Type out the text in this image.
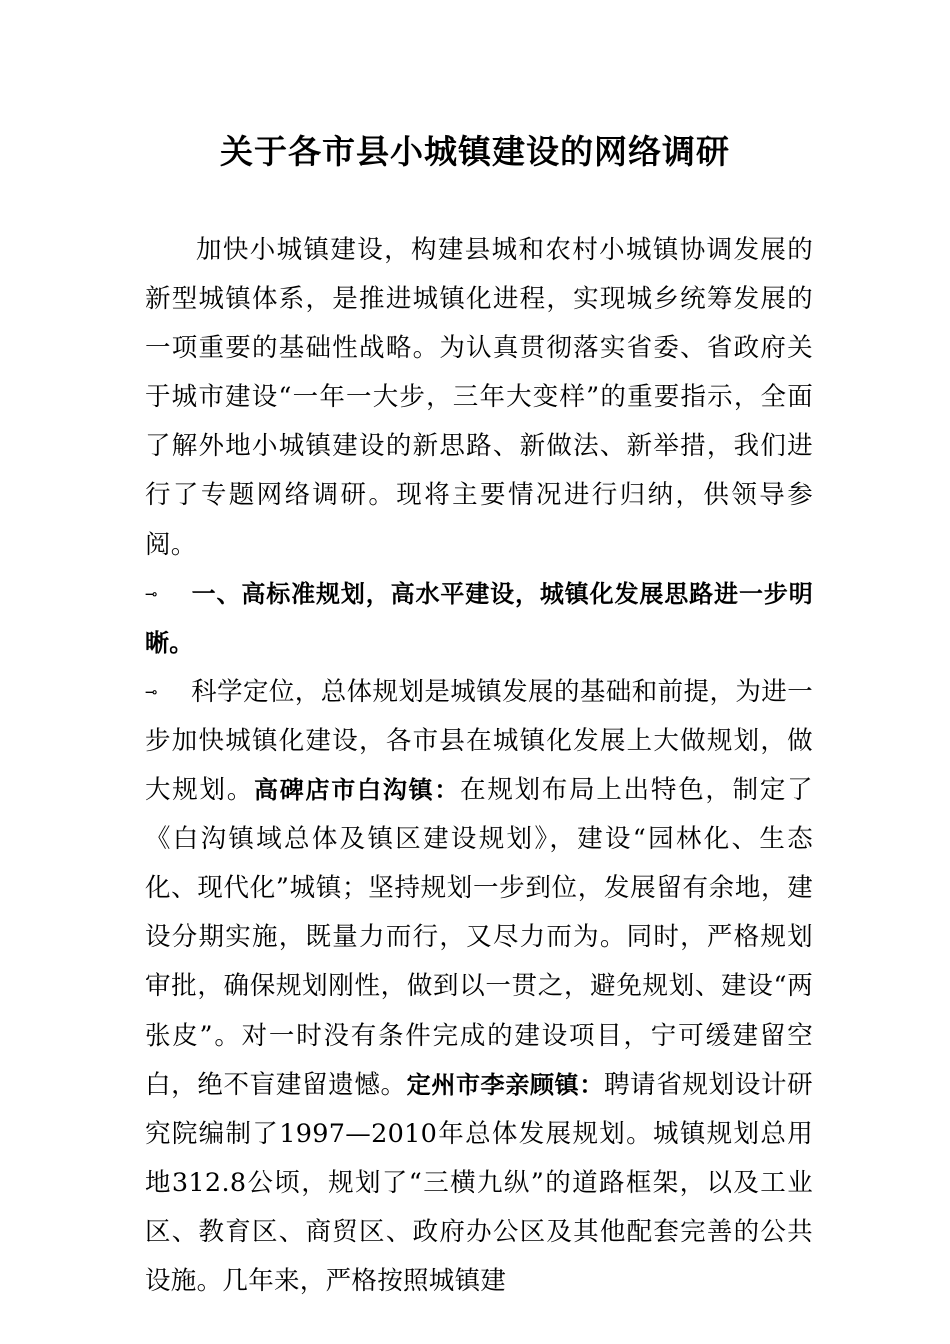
关于各市县小城镇建设的网络调研

加快小城镇建设，构建县城和农村小城镇协调发展的新型城镇体系，是推进城镇化进程，实现城乡统筹发展的一项重要的基础性战略。为认真贯彻落实省委、省政府关于城市建设“一年一大步，三年大变样”的重要指示，全面了解外地小城镇建设的新思路、新做法、新举措，我们进行了专题网络调研。现将主要情况进行归纳，供领导参阅。

⊸ 一、高标准规划，高水平建设，城镇化发展思路进一步明晰。

⊸ 科学定位，总体规划是城镇发展的基础和前提，为进一步加快城镇化建设，各市县在城镇化发展上大做规划，做大规划。高碑店市白沟镇：在规划布局上出特色，制定了《白沟镇域总体及镇区建设规划》，建设“园林化、生态化、现代化”城镇；坚持规划一步到位，发展留有余地，建设分期实施，既量力而行，又尽力而为。同时，严格规划审批，确保规划刚性，做到以一贯之，避免规划、建设“两张皮”。对一时没有条件完成的建设项目，宁可缓建留空白，绝不盲建留遗憾。定州市李亲顾镇：聘请省规划设计研究院编制了1997—2010年总体发展规划。城镇规划总用地312.8公顷，规划了“三横九纵”的道路框架，以及工业区、教育区、商贸区、政府办公区及其他配套完善的公共设施。几年来，严格按照城镇建
